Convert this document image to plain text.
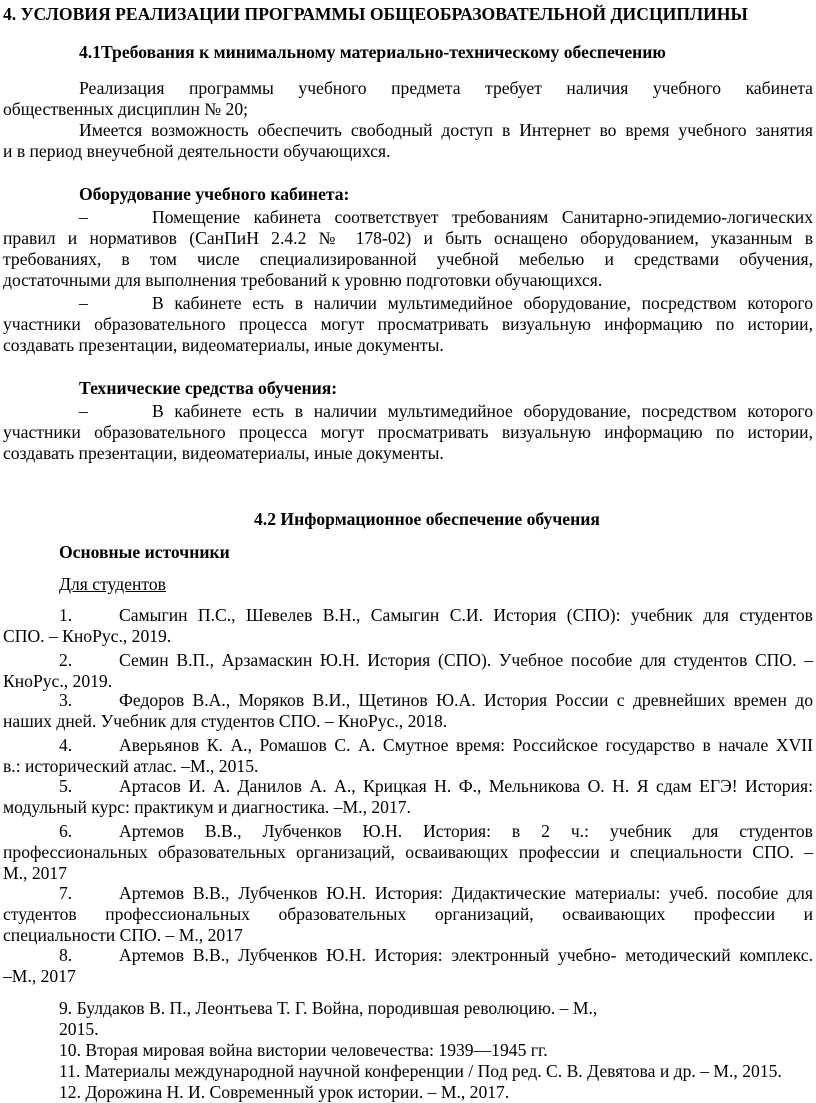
4. УСЛОВИЯ РЕАЛИЗАЦИИ ПРОГРАММЫ ОБЩЕОБРАЗОВАТЕЛЬНОЙ ДИСЦИПЛИНЫ
4.1Требования к минимальному материально-техническому обеспечению
Реализация программы учебного предмета требует наличия учебного кабинета
общественных дисциплин № 20;
Имеется возможность обеспечить свободный доступ в Интернет во время учебного занятия
и в период внеучебной деятельности обучающихся.
Оборудование учебного кабинета:
–	Помещение кабинета соответствует требованиям Санитарно-эпидемио-логических
правил и нормативов (СанПиН 2.4.2 № 178-02) и быть оснащено оборудованием, указанным в
требованиях, в том числе специализированной учебной мебелью и средствами обучения,
достаточными для выполнения требований к уровню подготовки обучающихся.
–	В кабинете есть в наличии мультимедийное оборудование, посредством которого
участники образовательного процесса могут просматривать визуальную информацию по истории,
создавать презентации, видеоматериалы, иные документы.
Технические средства обучения:
–	В кабинете есть в наличии мультимедийное оборудование, посредством которого
участники образовательного процесса могут просматривать визуальную информацию по истории,
создавать презентации, видеоматериалы, иные документы.
4.2 Информационное обеспечение обучения
Основные источники
Для студентов
1.	Самыгин П.С., Шевелев В.Н., Самыгин С.И. История (СПО): учебник для студентов
СПО. – КноРус., 2019.
2.	Семин В.П., Арзамаскин Ю.Н. История (СПО). Учебное пособие для студентов СПО. –
КноРус., 2019.
3.	Федоров В.А., Моряков В.И., Щетинов Ю.А. История России с древнейших времен до
наших дней. Учебник для студентов СПО. – КноРус., 2018.
4.	Аверьянов К. А., Ромашов С. А. Смутное время: Российское государство в начале XVII
в.: исторический атлас. –М., 2015.
5.	Артасов И. А. Данилов А. А., Крицкая Н. Ф., Мельникова О. Н. Я сдам ЕГЭ! История:
модульный курс: практикум и диагностика. –М., 2017.
6.	Артемов В.В., Лубченков Ю.Н. История: в 2 ч.: учебник для студентов
профессиональных образовательных организаций, осваивающих профессии и специальности СПО. –
М., 2017
7.	Артемов В.В., Лубченков Ю.Н. История: Дидактические материалы: учеб. пособие для
студентов профессиональных образовательных организаций, осваивающих профессии и
специальности СПО. – М., 2017
8.	Артемов В.В., Лубченков Ю.Н. История: электронный учебно- методический комплекс.
–М., 2017
9. Булдаков В. П., Леонтьева Т. Г. Война, породившая революцию. – М.,
2015.
10. Вторая мировая война вистории человечества: 1939—1945 гг.
11. Материалы международной научной конференции / Под ред. С. В. Девятова и др. – М., 2015.
12. Дорожина Н. И. Современный урок истории. – М., 2017.
